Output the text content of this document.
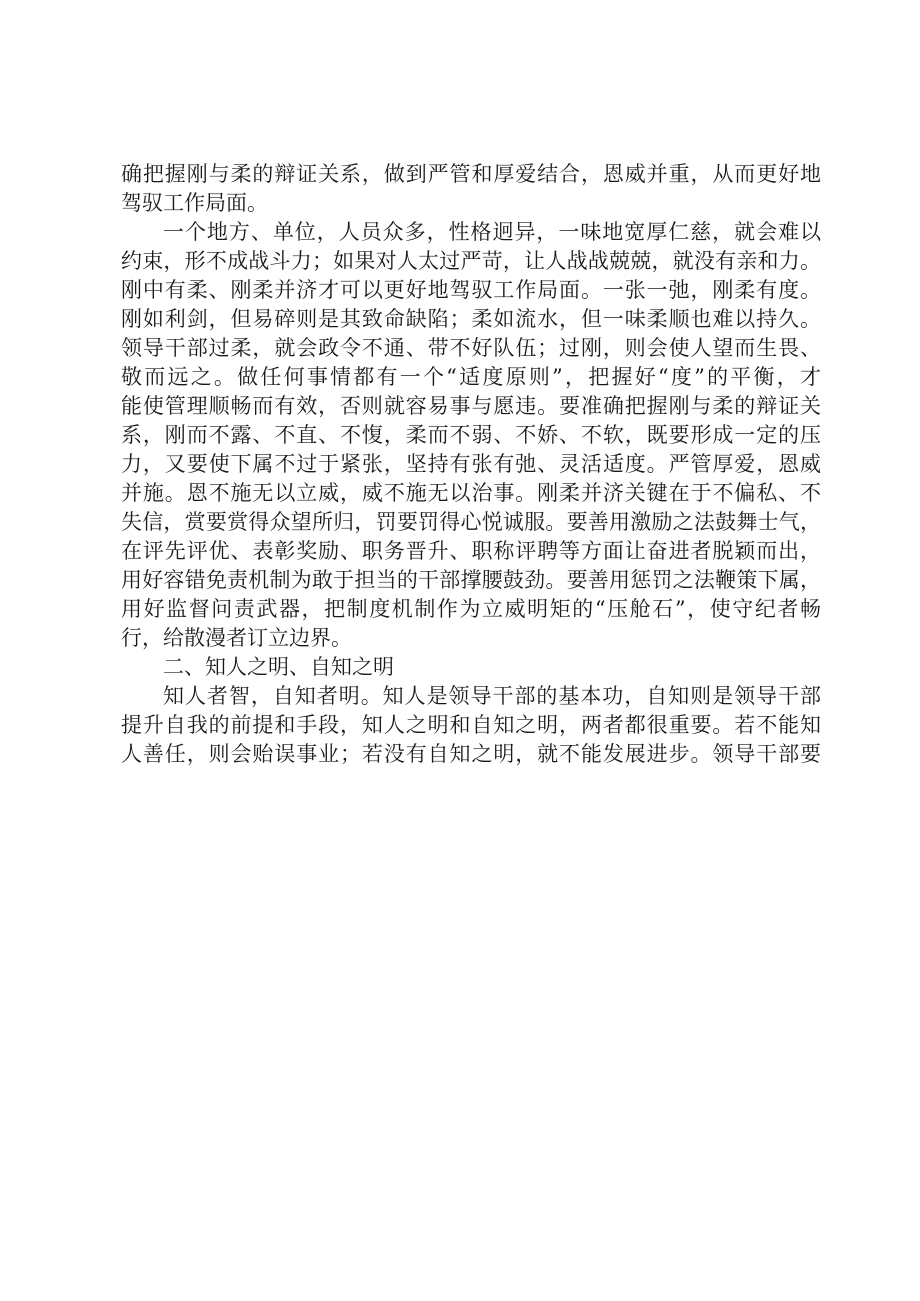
确把握刚与柔的辩证关系，做到严管和厚爱结合，恩威并重，从而更好地
驾驭工作局面。
一个地方、单位，人员众多，性格迥异，一味地宽厚仁慈，就会难以
约束，形不成战斗力；如果对人太过严苛，让人战战兢兢，就没有亲和力。
刚中有柔、刚柔并济才可以更好地驾驭工作局面。一张一弛，刚柔有度。
刚如利剑，但易碎则是其致命缺陷；柔如流水，但一味柔顺也难以持久。
领导干部过柔，就会政令不通、带不好队伍；过刚，则会使人望而生畏、
敬而远之。做任何事情都有一个“适度原则”，把握好“度”的平衡，才
能使管理顺畅而有效，否则就容易事与愿违。要准确把握刚与柔的辩证关
系，刚而不露、不直、不愎，柔而不弱、不娇、不软，既要形成一定的压
力，又要使下属不过于紧张，坚持有张有弛、灵活适度。严管厚爱，恩威
并施。恩不施无以立威，威不施无以治事。刚柔并济关键在于不偏私、不
失信，赏要赏得众望所归，罚要罚得心悦诚服。要善用激励之法鼓舞士气，
在评先评优、表彰奖励、职务晋升、职称评聘等方面让奋进者脱颖而出，
用好容错免责机制为敢于担当的干部撑腰鼓劲。要善用惩罚之法鞭策下属，
用好监督问责武器，把制度机制作为立威明矩的“压舱石”，使守纪者畅
行，给散漫者订立边界。
二、知人之明、自知之明
知人者智，自知者明。知人是领导干部的基本功，自知则是领导干部
提升自我的前提和手段，知人之明和自知之明，两者都很重要。若不能知
人善任，则会贻误事业；若没有自知之明，就不能发展进步。领导干部要
